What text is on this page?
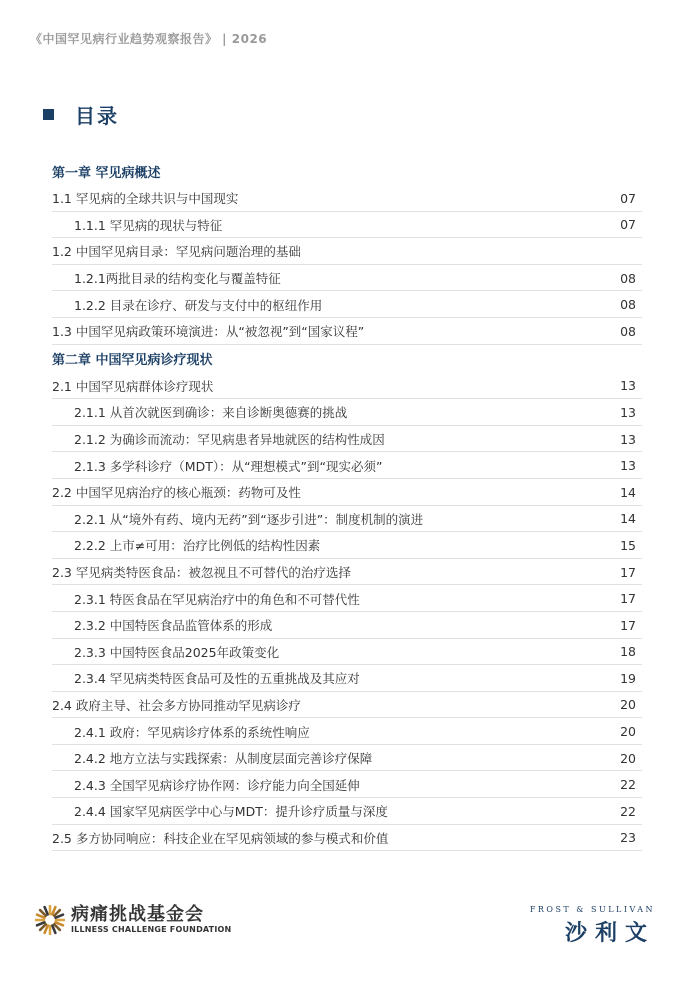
《中国罕见病行业趋势观察报告》 | 2026
目录
第一章 罕见病概述
1.1 罕见病的全球共识与中国现实	07
1.1.1 罕见病的现状与特征	07
1.2 中国罕见病目录：罕见病问题治理的基础
1.2.1两批目录的结构变化与覆盖特征	08
1.2.2 目录在诊疗、研发与支付中的枢纽作用	08
1.3 中国罕见病政策环境演进：从“被忽视”到“国家议程”	08
第二章 中国罕见病诊疗现状
2.1 中国罕见病群体诊疗现状	13
2.1.1 从首次就医到确诊：来自诊断奥德赛的挑战	13
2.1.2 为确诊而流动：罕见病患者异地就医的结构性成因	13
2.1.3 多学科诊疗（MDT）：从“理想模式”到“现实必须”	13
2.2 中国罕见病治疗的核心瓶颈：药物可及性	14
2.2.1 从“境外有药、境内无药”到“逐步引进”：制度机制的演进	14
2.2.2 上市≠可用：治疗比例低的结构性因素	15
2.3 罕见病类特医食品：被忽视且不可替代的治疗选择	17
2.3.1 特医食品在罕见病治疗中的角色和不可替代性	17
2.3.2 中国特医食品监管体系的形成	17
2.3.3 中国特医食品2025年政策变化	18
2.3.4 罕见病类特医食品可及性的五重挑战及其应对	19
2.4 政府主导、社会多方协同推动罕见病诊疗	20
2.4.1 政府：罕见病诊疗体系的系统性响应	20
2.4.2 地方立法与实践探索：从制度层面完善诊疗保障	20
2.4.3 全国罕见病诊疗协作网：诊疗能力向全国延伸	22
2.4.4 国家罕见病医学中心与MDT：提升诊疗质量与深度	22
2.5 多方协同响应：科技企业在罕见病领域的参与模式和价值	23
病痛挑战基金会
ILLNESS CHALLENGE FOUNDATION
FROST & SULLIVAN
沙利文
